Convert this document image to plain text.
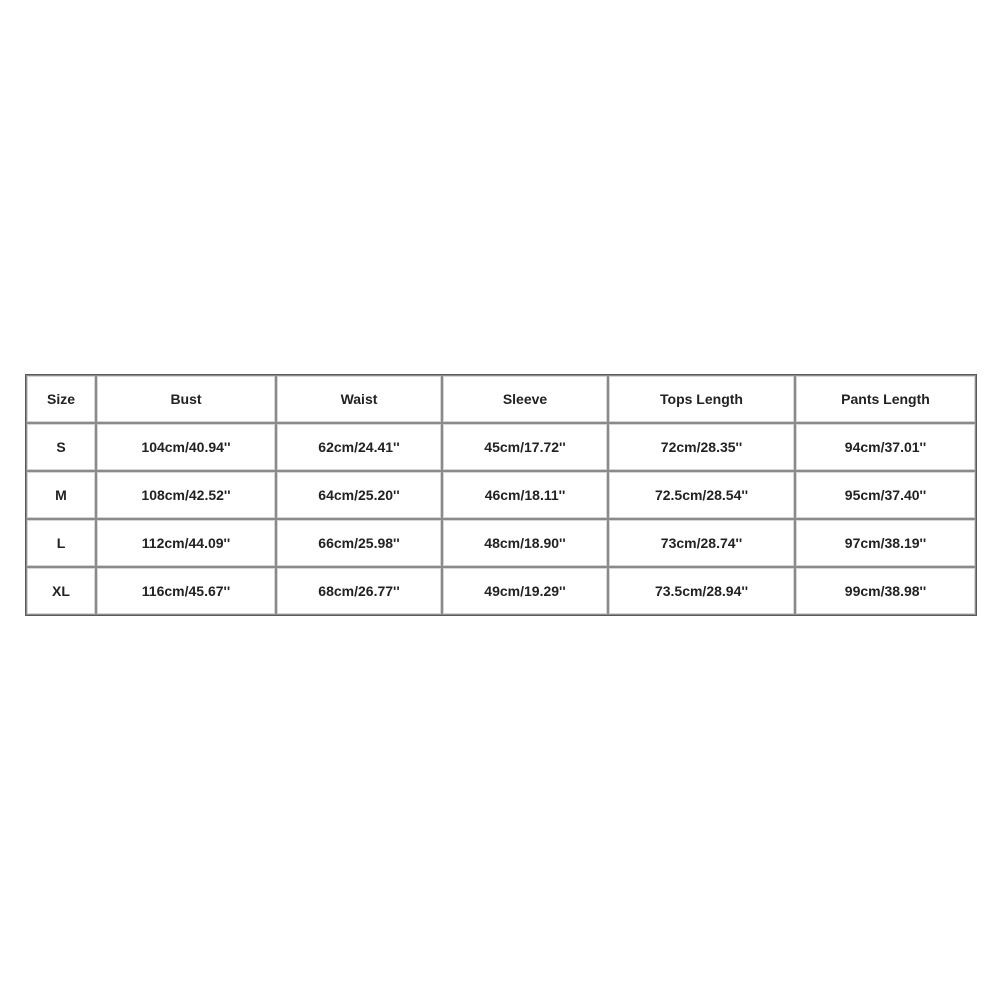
Size	Bust	Waist	Sleeve	Tops Length	Pants Length
S	104cm/40.94''	62cm/24.41''	45cm/17.72''	72cm/28.35''	94cm/37.01''
M	108cm/42.52''	64cm/25.20''	46cm/18.11''	72.5cm/28.54''	95cm/37.40''
L	112cm/44.09''	66cm/25.98''	48cm/18.90''	73cm/28.74''	97cm/38.19''
XL	116cm/45.67''	68cm/26.77''	49cm/19.29''	73.5cm/28.94''	99cm/38.98''
